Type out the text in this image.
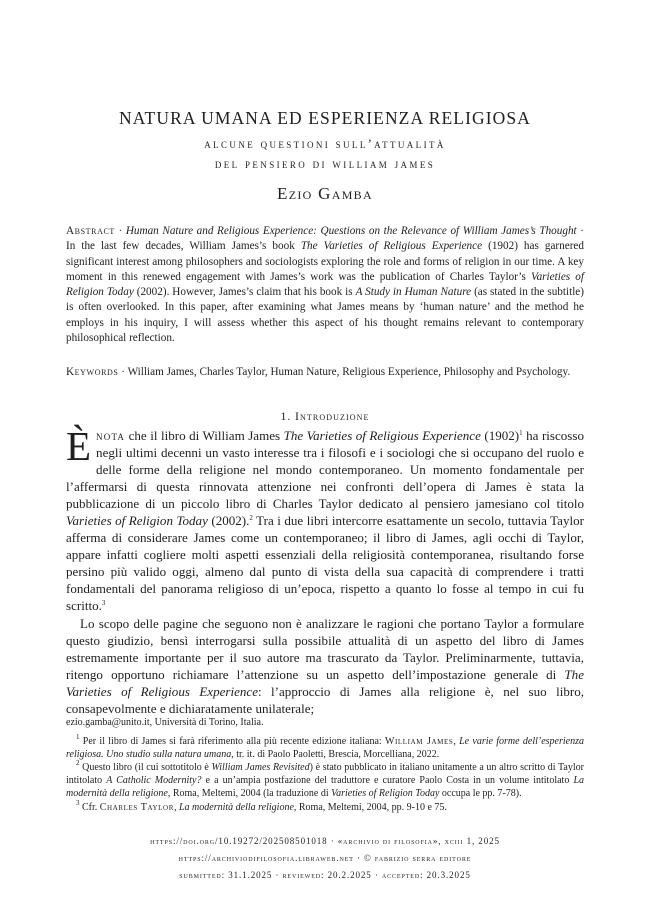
NATURA UMANA ED ESPERIENZA RELIGIOSA
alcune questioni sull’attualità
del pensiero di william james
Ezio Gamba
Abstract · Human Nature and Religious Experience: Questions on the Relevance of William James’s Thought · In the last few decades, William James’s book The Varieties of Religious Experience (1902) has garnered significant interest among philosophers and sociologists exploring the role and forms of religion in our time. A key moment in this renewed engagement with James’s work was the publication of Charles Taylor’s Varieties of Religion Today (2002). However, James’s claim that his book is A Study in Human Nature (as stated in the subtitle) is often overlooked. In this paper, after examining what James means by ‘human nature’ and the method he employs in his inquiry, I will assess whether this aspect of his thought remains relevant to contemporary philosophical reflection.
Keywords · William James, Charles Taylor, Human Nature, Religious Experience, Philosophy and Psychology.
1. Introduzione

Ènota che il libro di William James The Varieties of Religious Experience $(1902)^1$ ha riscosso negli ultimi decenni un vasto interesse tra i filosofi e i sociologi che si occupano del ruolo e delle forme della religione nel mondo contemporaneo. Un momento fondamentale per l’affermarsi di questa rinnovata attenzione nei confronti dell’opera di James è stata la pubblicazione di un piccolo libro di Charles Taylor dedicato al pensiero jamesiano col titolo Varieties of Religion Today (2002).$^2$ Tra i due libri intercorre esattamente un secolo, tuttavia Taylor afferma di considerare James come un contemporaneo; il libro di James, agli occhi di Taylor, appare infatti cogliere molti aspetti essenziali della religiosità contemporanea, risultando forse persino più valido oggi, almeno dal punto di vista della sua capacità di comprendere i tratti fondamentali del panorama religioso di un’epoca, rispetto a quanto lo fosse al tempo in cui fu scritto.$^3$

Lo scopo delle pagine che seguono non è analizzare le ragioni che portano Taylor a formulare questo giudizio, bensì interrogarsi sulla possibile attualità di un aspetto del libro di James estremamente importante per il suo autore ma trascurato da Taylor. Preliminarmente, tuttavia, ritengo opportuno richiamare l’attenzione su un aspetto dell’impostazione generale di The Varieties of Religious Experience: l’approccio di James alla religione è, nel suo libro, consapevolmente e dichiaratamente unilaterale;

ezio.gamba@unito.it, Università di Torino, Italia.

$^1$ Per il libro di James si farà riferimento alla più recente edizione italiana: William James, Le varie forme dell’esperienza religiosa. Uno studio sulla natura umana, tr. it. di Paolo Paoletti, Brescia, Morcelliana, 2022.

$^2$ Questo libro (il cui sottotitolo è William James Revisited) è stato pubblicato in italiano unitamente a un altro scritto di Taylor intitolato A Catholic Modernity? e a un’ampia postfazione del traduttore e curatore Paolo Costa in un volume intitolato La modernità della religione, Roma, Meltemi, 2004 (la traduzione di Varieties of Religion Today occupa le pp. 7-78).

$^3$ Cfr. Charles Taylor, La modernità della religione, Roma, Meltemi, 2004, pp. 9-10 e 75.

https://doi.org/10.19272/202508501018 · «archivio di filosofia», xciii 1, 2025
https://archiviodifilosofia.libraweb.net · © fabrizio serra editore
submitted: 31.1.2025 · reviewed: 20.2.2025 · accepted: 20.3.2025
